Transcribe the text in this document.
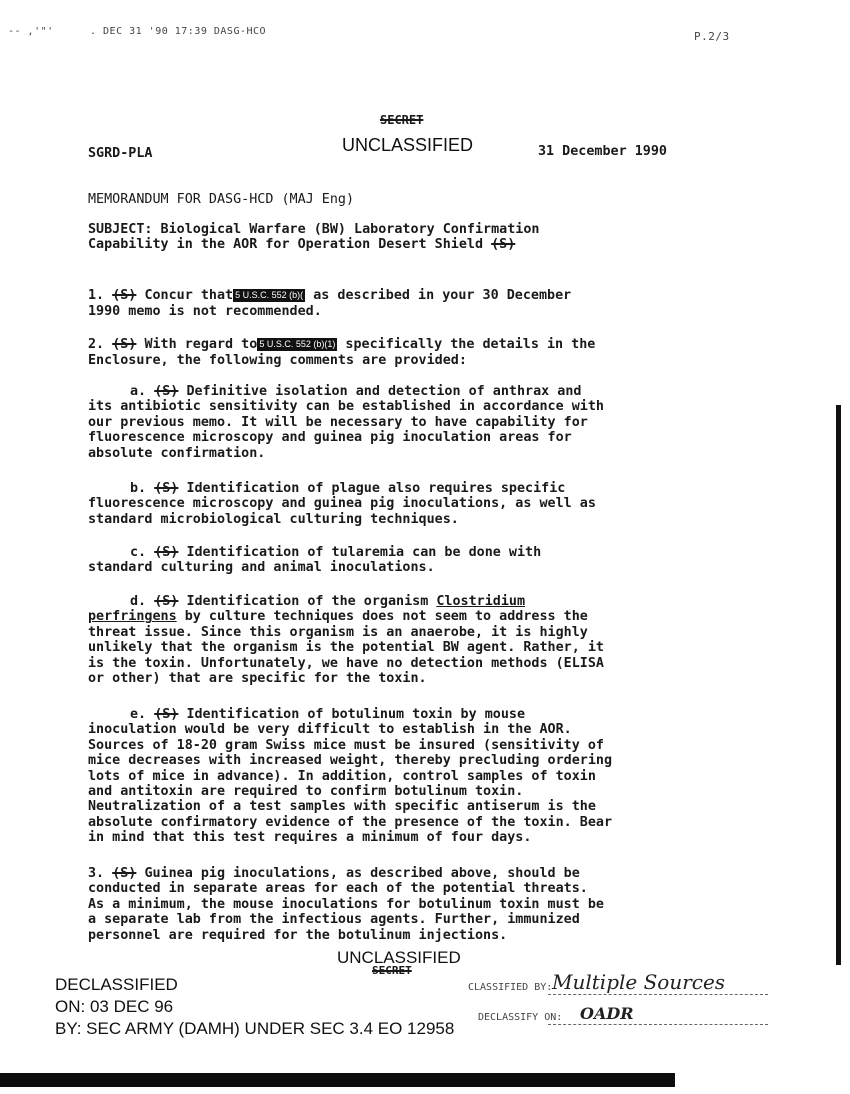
-- ,'"'	. DEC 31 '90 17:39 DASG-HCO	P.2/3
SECRET
UNCLASSIFIED
SGRD-PLA	31 December 1990
MEMORANDUM FOR DASG-HCD (MAJ Eng)
SUBJECT: Biological Warfare (BW) Laboratory Confirmation
Capability in the AOR for Operation Desert Shield (S)
1. (S) Concur that 5 U.S.C. 552 (b)( as described in your 30 December
1990 memo is not recommended.
2. (S) With regard to 5 U.S.C. 552 (b)(1) specifically the details in the
Enclosure, the following comments are provided:

a. (S) Definitive isolation and detection of anthrax and

its antibiotic sensitivity can be established in accordance with

our previous memo. It will be necessary to have capability for

fluorescence microscopy and guinea pig inoculation areas for

absolute confirmation.

b. (S) Identification of plague also requires specific

fluorescence microscopy and guinea pig inoculations, as well as

standard microbiological culturing techniques.

c. (S) Identification of tularemia can be done with

standard culturing and animal inoculations.

d. (S) Identification of the organism Clostridium

perfringens by culture techniques does not seem to address the

threat issue. Since this organism is an anaerobe, it is highly

unlikely that the organism is the potential BW agent. Rather, it

is the toxin. Unfortunately, we have no detection methods (ELISA

or other) that are specific for the toxin.

e. (S) Identification of botulinum toxin by mouse

inoculation would be very difficult to establish in the AOR.

Sources of 18-20 gram Swiss mice must be insured (sensitivity of

mice decreases with increased weight, thereby precluding ordering

lots of mice in advance). In addition, control samples of toxin

and antitoxin are required to confirm botulinum toxin.

Neutralization of a test samples with specific antiserum is the

absolute confirmatory evidence of the presence of the toxin. Bear

in mind that this test requires a minimum of four days.

3. (S) Guinea pig inoculations, as described above, should be

conducted in separate areas for each of the potential threats.

As a minimum, the mouse inoculations for botulinum toxin must be

a separate lab from the infectious agents. Further, immunized

personnel are required for the botulinum injections.

UNCLASSIFIED
SECRET
DECLASSIFIED
ON: 03 DEC 96
BY: SEC ARMY (DAMH) UNDER SEC 3.4 EO 12958
CLASSIFIED BY: Multiple Sources
DECLASSIFY ON: OADR
